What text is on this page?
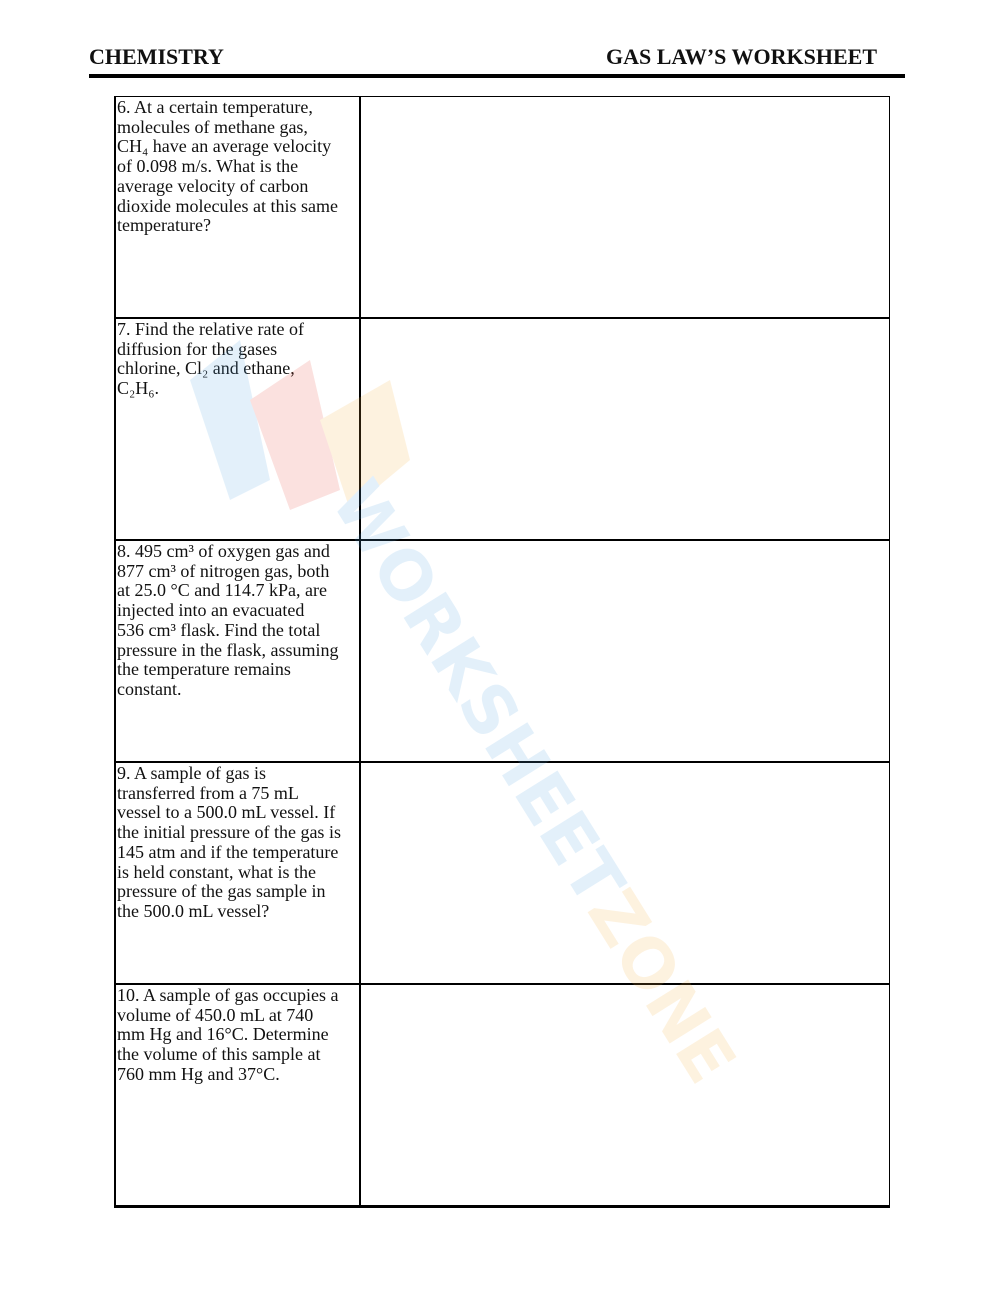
CHEMISTRY	GAS LAW’S WORKSHEET
6. At a certain temperature,
molecules of methane gas,
CH₄ have an average velocity
of 0.098 m/s. What is the
average velocity of carbon
dioxide molecules at this same
temperature?
7. Find the relative rate of
diffusion for the gases
chlorine, Cl₂ and ethane,
C₂H₆.
8. 495 cm³ of oxygen gas and
877 cm³ of nitrogen gas, both
at 25.0 °C and 114.7 kPa, are
injected into an evacuated
536 cm³ flask. Find the total
pressure in the flask, assuming
the temperature remains
constant.
9. A sample of gas is
transferred from a 75 mL
vessel to a 500.0 mL vessel. If
the initial pressure of the gas is
145 atm and if the temperature
is held constant, what is the
pressure of the gas sample in
the 500.0 mL vessel?
10. A sample of gas occupies a
volume of 450.0 mL at 740
mm Hg and 16°C. Determine
the volume of this sample at
760 mm Hg and 37°C.
WORKSHEETZONE
